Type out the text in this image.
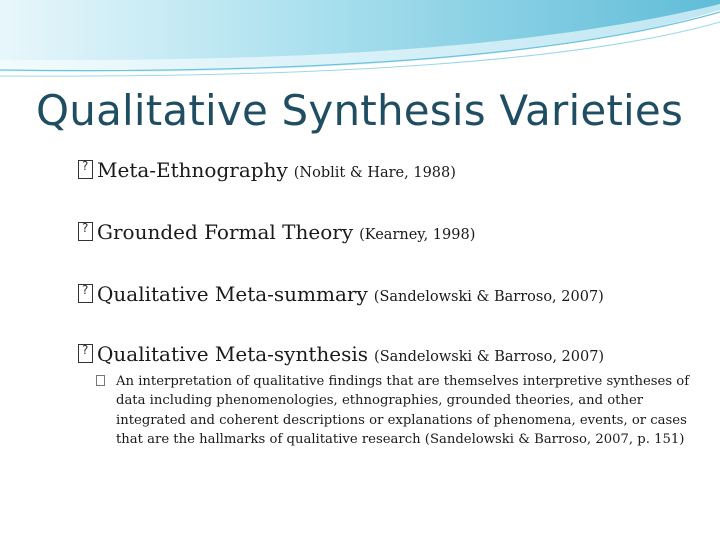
Qualitative Synthesis Varieties
?Meta-Ethnography (Noblit & Hare, 1988)
?Grounded Formal Theory (Kearney, 1998)
?Qualitative Meta-summary (Sandelowski & Barroso, 2007)
?Qualitative Meta-synthesis (Sandelowski & Barroso, 2007)
An interpretation of qualitative findings that are themselves interpretive syntheses of data including phenomenologies, ethnographies, grounded theories, and other integrated and coherent descriptions or explanations of phenomena, events, or cases that are the hallmarks of qualitative research (Sandelowski & Barroso, 2007, p. 151)
